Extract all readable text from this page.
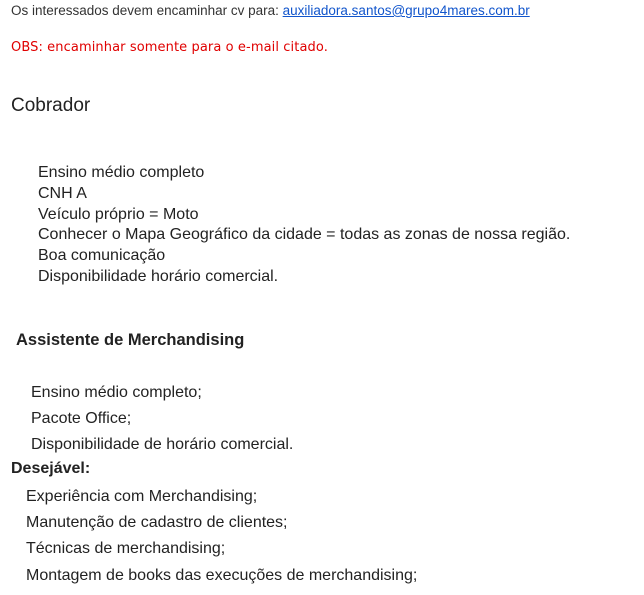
Os interessados devem encaminhar cv para: auxiliadora.santos@grupo4mares.com.br
OBS: encaminhar somente para o e-mail citado.
Cobrador
Ensino médio completo
CNH A
Veículo próprio = Moto
Conhecer o Mapa Geográfico da cidade = todas as zonas de nossa região.
Boa comunicação
Disponibilidade horário comercial.
Assistente de Merchandising
Ensino médio completo;
Pacote Office;
Disponibilidade de horário comercial.
Desejável:
Experiência com Merchandising;
Manutenção de cadastro de clientes;
Técnicas de merchandising;
Montagem de books das execuções de merchandising;
